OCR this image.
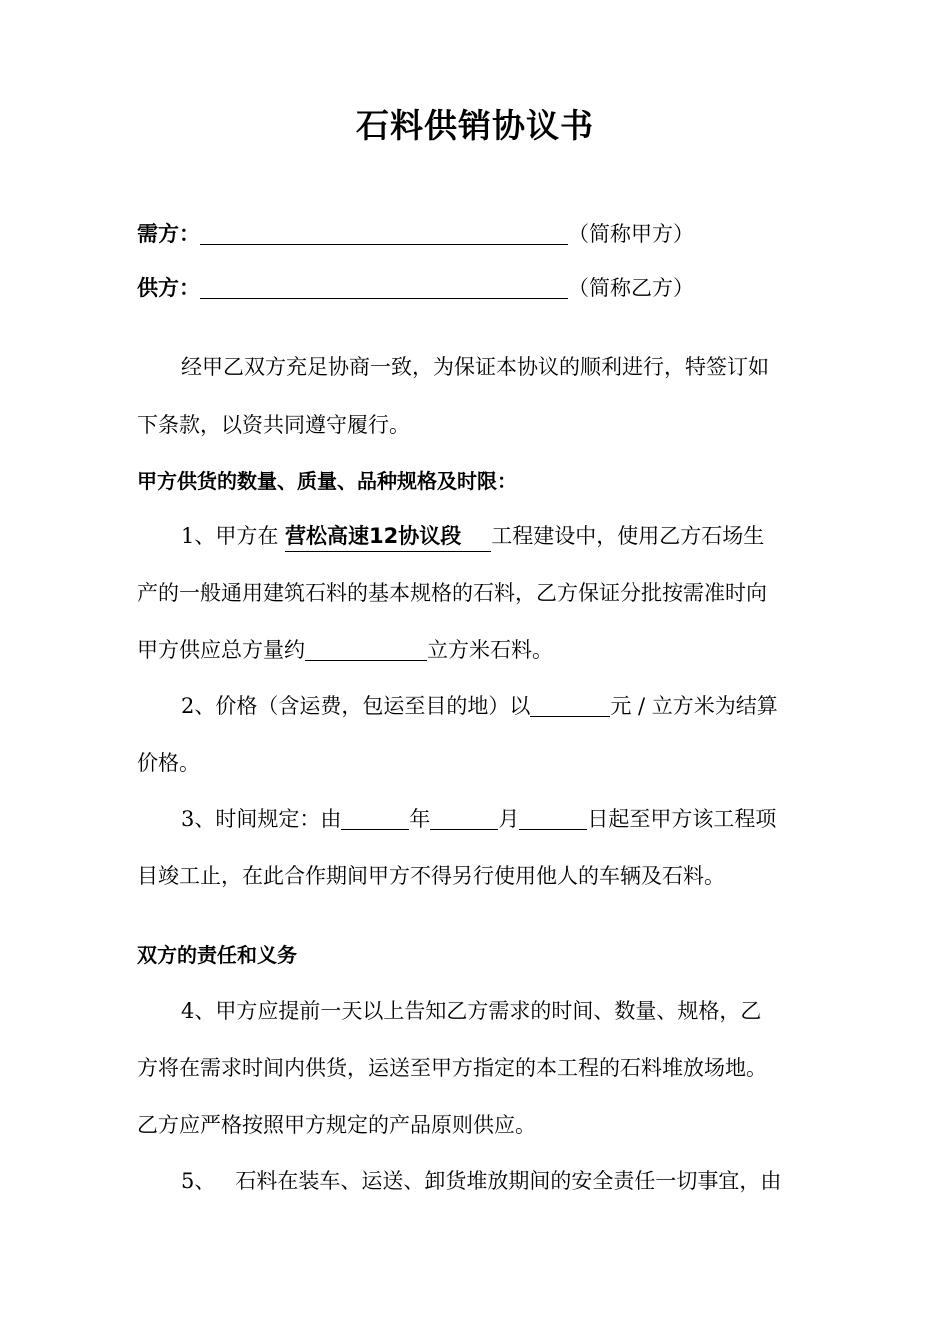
石料供销协议书
需方：	（简称甲方）
供方：	（简称乙方）
经甲乙双方充足协商一致，为保证本协议的顺利进行，特签订如
下条款，以资共同遵守履行。
甲方供货的数量、质量、品种规格及时限：
1、甲方在 营松高速12协议段 工程建设中，使用乙方石场生
产的一般通用建筑石料的基本规格的石料，乙方保证分批按需准时向
甲方供应总方量约	立方米石料。
2、价格（含运费，包运至目的地）以	元 / 立方米为结算
价格。
3、时间规定：由	年	月	日起至甲方该工程项
目竣工止，在此合作期间甲方不得另行使用他人的车辆及石料。
双方的责任和义务
4、甲方应提前一天以上告知乙方需求的时间、数量、规格，乙
方将在需求时间内供货，运送至甲方指定的本工程的石料堆放场地。
乙方应严格按照甲方规定的产品原则供应。
5、 石料在装车、运送、卸货堆放期间的安全责任一切事宜，由
